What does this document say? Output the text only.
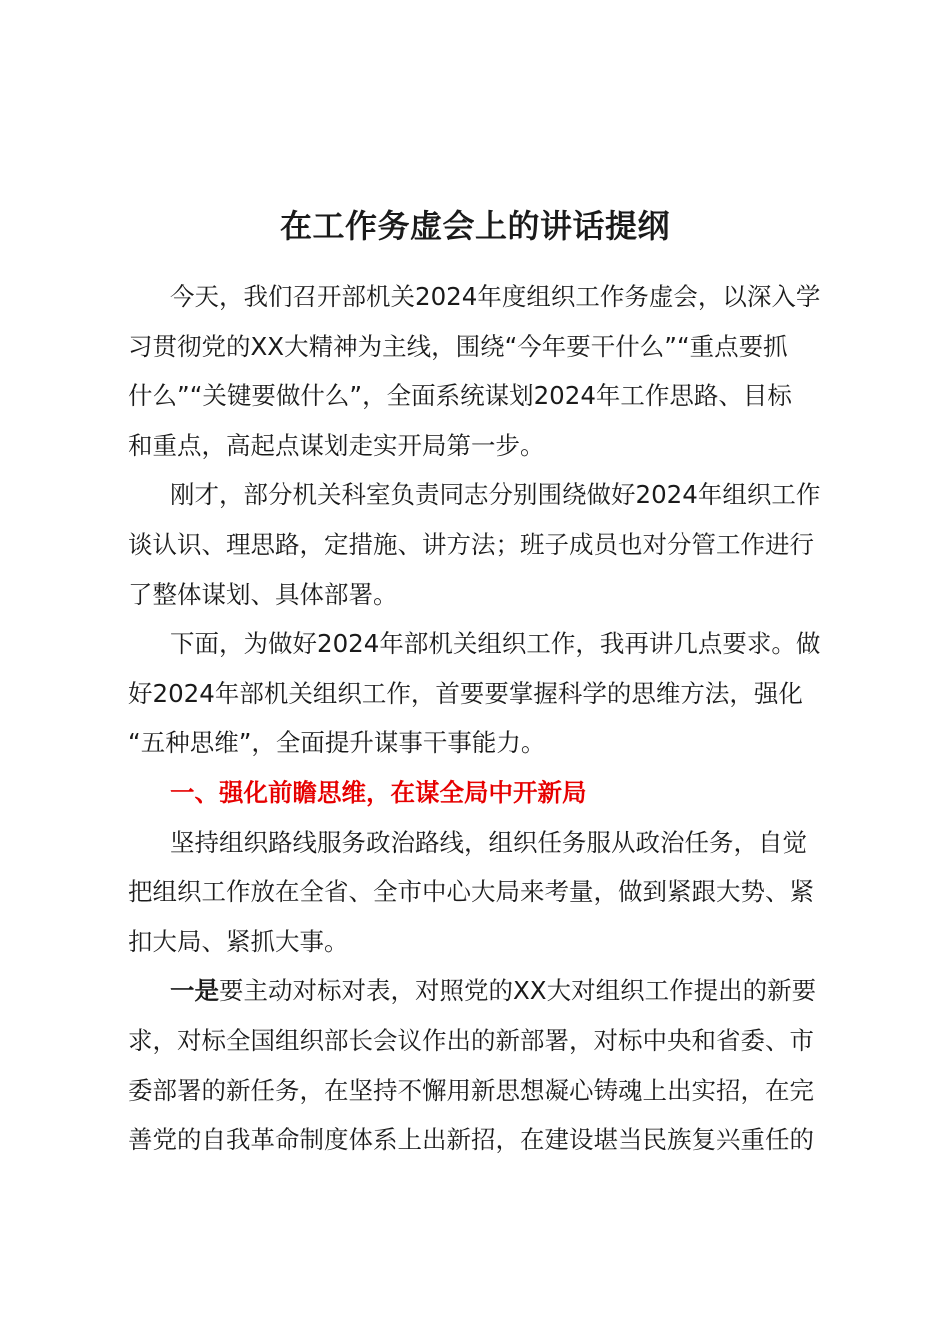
在工作务虚会上的讲话提纲
今天，我们召开部机关2024年度组织工作务虚会，以深入学
习贯彻党的XX大精神为主线，围绕“今年要干什么”“重点要抓
什么”“关键要做什么”，全面系统谋划2024年工作思路、目标
和重点，高起点谋划走实开局第一步。
刚才，部分机关科室负责同志分别围绕做好2024年组织工作
谈认识、理思路，定措施、讲方法；班子成员也对分管工作进行
了整体谋划、具体部署。
下面，为做好2024年部机关组织工作，我再讲几点要求。做
好2024年部机关组织工作，首要要掌握科学的思维方法，强化
“五种思维”，全面提升谋事干事能力。
一、强化前瞻思维，在谋全局中开新局
坚持组织路线服务政治路线，组织任务服从政治任务，自觉
把组织工作放在全省、全市中心大局来考量，做到紧跟大势、紧
扣大局、紧抓大事。
一是要主动对标对表，对照党的XX大对组织工作提出的新要
求，对标全国组织部长会议作出的新部署，对标中央和省委、市
委部署的新任务，在坚持不懈用新思想凝心铸魂上出实招，在完
善党的自我革命制度体系上出新招，在建设堪当民族复兴重任的
